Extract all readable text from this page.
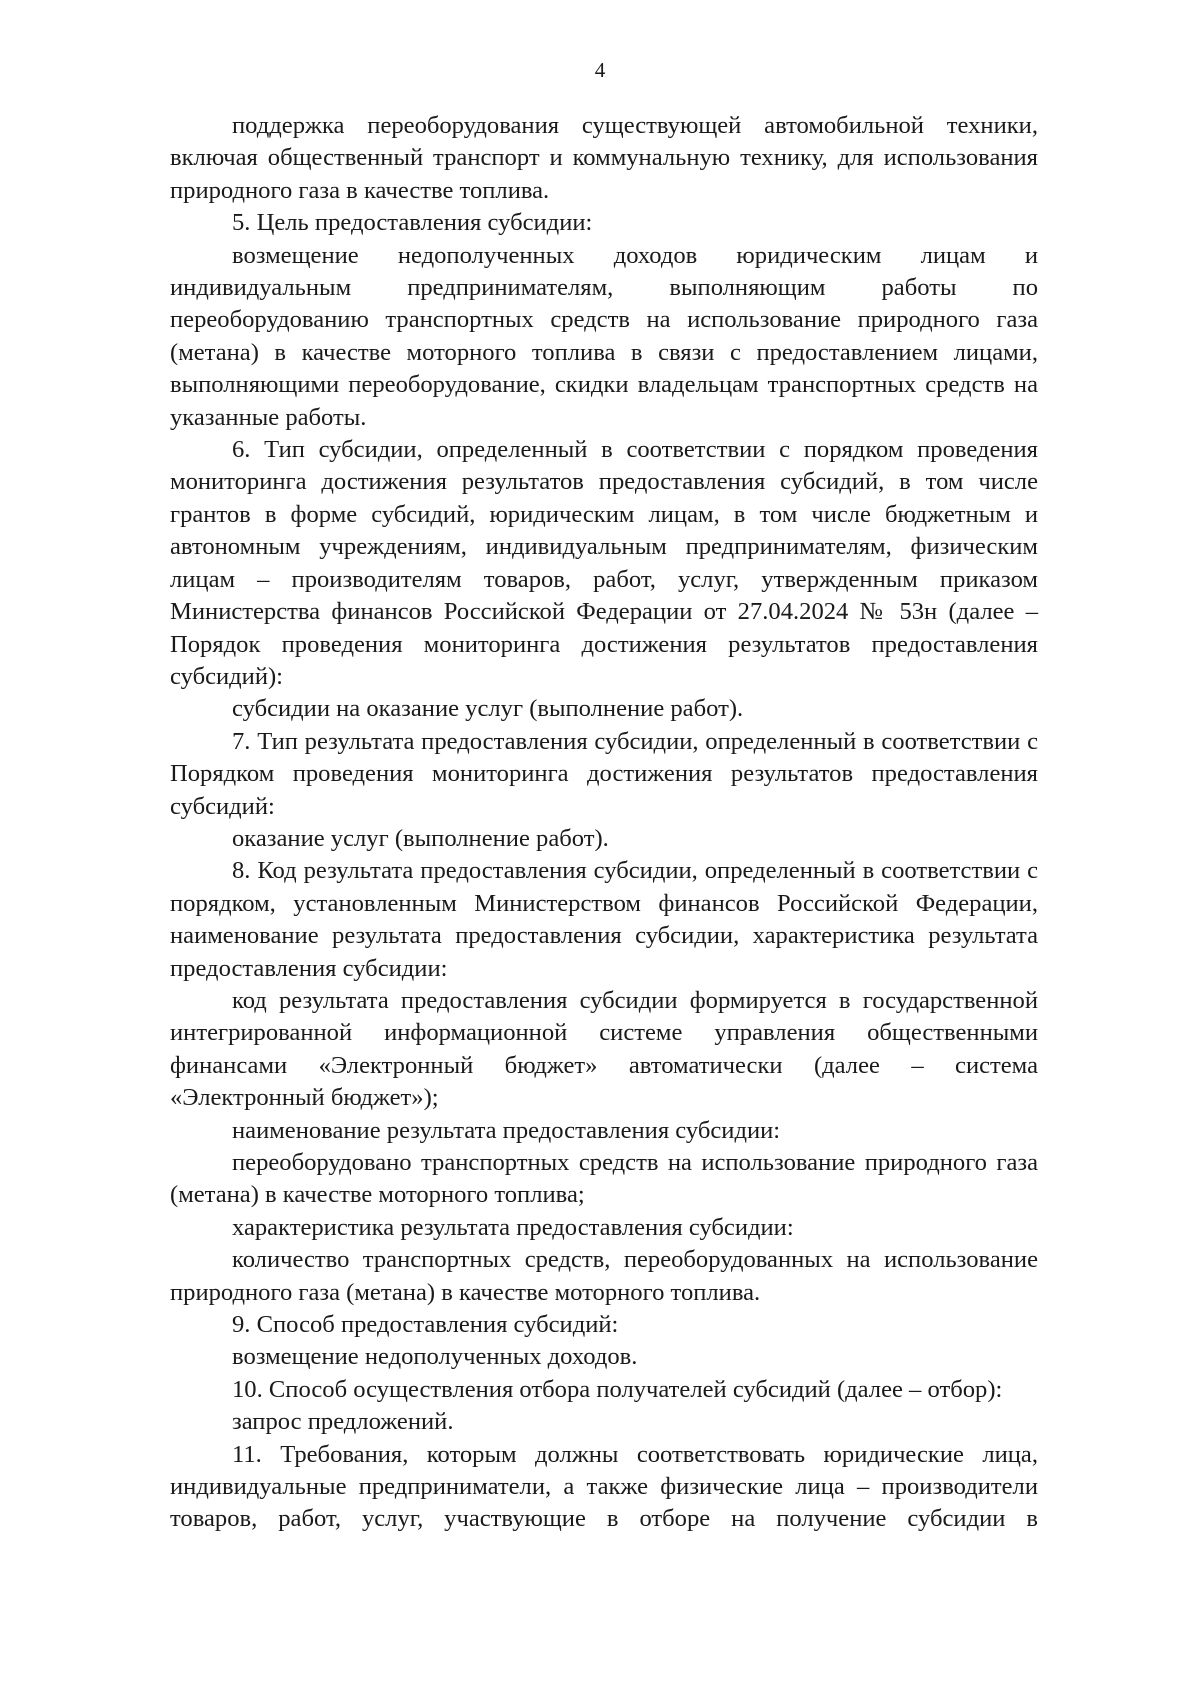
4

поддержка переоборудования существующей автомобильной техники, включая общественный транспорт и коммунальную технику, для использования природного газа в качестве топлива.

5. Цель предоставления субсидии:

возмещение недополученных доходов юридическим лицам и индивидуальным предпринимателям, выполняющим работы по переоборудованию транспортных средств на использование природного газа (метана) в качестве моторного топлива в связи с предоставлением лицами, выполняющими переоборудование, скидки владельцам транспортных средств на указанные работы.

6. Тип субсидии, определенный в соответствии с порядком проведения мониторинга достижения результатов предоставления субсидий, в том числе грантов в форме субсидий, юридическим лицам, в том числе бюджетным и автономным учреждениям, индивидуальным предпринимателям, физическим лицам – производителям товаров, работ, услуг, утвержденным приказом Министерства финансов Российской Федерации от 27.04.2024 № 53н (далее – Порядок проведения мониторинга достижения результатов предоставления субсидий):

субсидии на оказание услуг (выполнение работ).

7. Тип результата предоставления субсидии, определенный в соответствии с Порядком проведения мониторинга достижения результатов предоставления субсидий:

оказание услуг (выполнение работ).

8. Код результата предоставления субсидии, определенный в соответствии с порядком, установленным Министерством финансов Российской Федерации, наименование результата предоставления субсидии, характеристика результата предоставления субсидии:

код результата предоставления субсидии формируется в государственной интегрированной информационной системе управления общественными финансами «Электронный бюджет» автоматически (далее – система «Электронный бюджет»);

наименование результата предоставления субсидии:

переоборудовано транспортных средств на использование природного газа (метана) в качестве моторного топлива;

характеристика результата предоставления субсидии:

количество транспортных средств, переоборудованных на использование природного газа (метана) в качестве моторного топлива.

9. Способ предоставления субсидий:

возмещение недополученных доходов.

10. Способ осуществления отбора получателей субсидий (далее – отбор):

запрос предложений.

11. Требования, которым должны соответствовать юридические лица, индивидуальные предприниматели, а также физические лица – производители товаров, работ, услуг, участвующие в отборе на получение субсидии в
